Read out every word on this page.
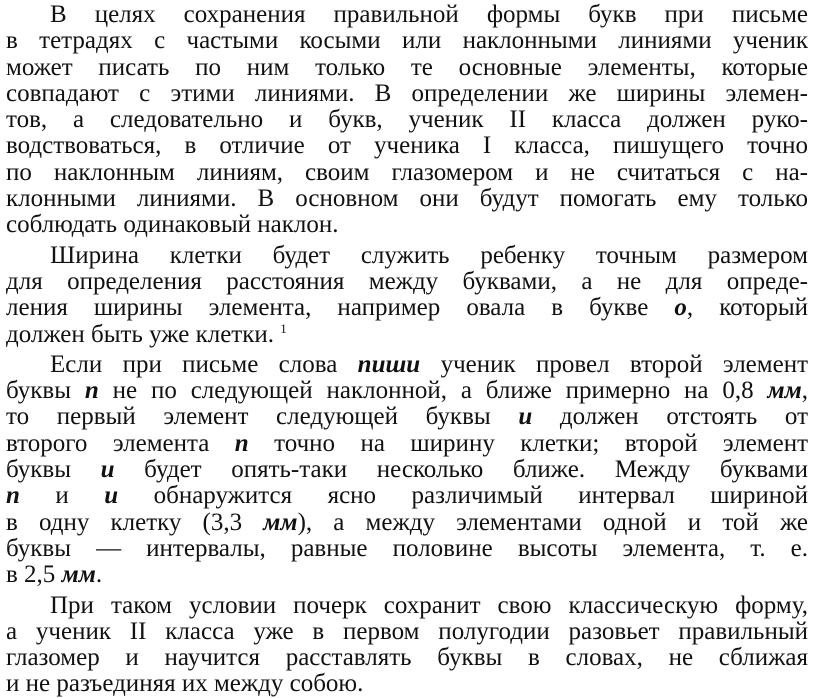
В целях сохранения правильной формы букв при письме
в тетрадях с частыми косыми или наклонными линиями ученик
может писать по ним только те основные элементы, которые
совпадают с этими линиями. В определении же ширины элемен-
тов, а следовательно и букв, ученик II класса должен руко-
водствоваться, в отличие от ученика I класса, пишущего точно
по наклонным линиям, своим глазомером и не считаться с на-
клонными линиями. В основном они будут помогать ему только
соблюдать одинаковый наклон.
Ширина клетки будет служить ребенку точным размером
для определения расстояния между буквами, а не для опреде-
ления ширины элемента, например овала в букве о, который
должен быть уже клетки. $^1$
Если при письме слова пиши ученик провел второй элемент
буквы п не по следующей наклонной, а ближе примерно на 0,8 мм,
то первый элемент следующей буквы и должен отстоять от
второго элемента п точно на ширину клетки; второй элемент
буквы и будет опять-таки несколько ближе. Между буквами
п и и обнаружится ясно различимый интервал шириной
в одну клетку (3,3 мм), а между элементами одной и той же
буквы — интервалы, равные половине высоты элемента, т. е.
в 2,5 мм.
При таком условии почерк сохранит свою классическую форму,
а ученик II класса уже в первом полугодии разовьет правильный
глазомер и научится расставлять буквы в словах, не сближая
и не разъединяя их между собою.
